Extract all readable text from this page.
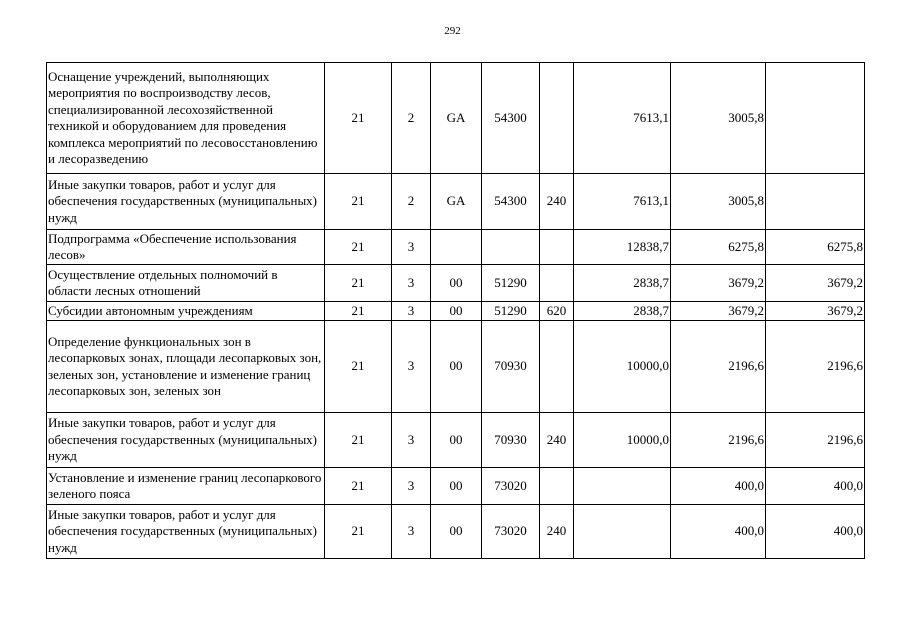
292
Оснащение учреждений, выполняющих мероприятия по воспроизводству лесов, специализированной лесохозяйственной техникой и оборудованием для проведения комплекса мероприятий по лесовосстановлению и лесоразведению	21	2	GA	54300		7613,1	3005,8	
Иные закупки товаров, работ и услуг для обеспечения государственных (муниципальных) нужд	21	2	GA	54300	240	7613,1	3005,8	
Подпрограмма «Обеспечение использования лесов»	21	3				12838,7	6275,8	6275,8
Осуществление отдельных полномочий в области лесных отношений	21	3	00	51290		2838,7	3679,2	3679,2
Субсидии автономным учреждениям	21	3	00	51290	620	2838,7	3679,2	3679,2
Определение функциональных зон в лесопарковых зонах, площади лесопарковых зон, зеленых зон, установление и изменение границ лесопарковых зон, зеленых зон	21	3	00	70930		10000,0	2196,6	2196,6
Иные закупки товаров, работ и услуг для обеспечения государственных (муниципальных) нужд	21	3	00	70930	240	10000,0	2196,6	2196,6
Установление и изменение границ лесопаркового зеленого пояса	21	3	00	73020			400,0	400,0
Иные закупки товаров, работ и услуг для обеспечения государственных (муниципальных) нужд	21	3	00	73020	240		400,0	400,0
